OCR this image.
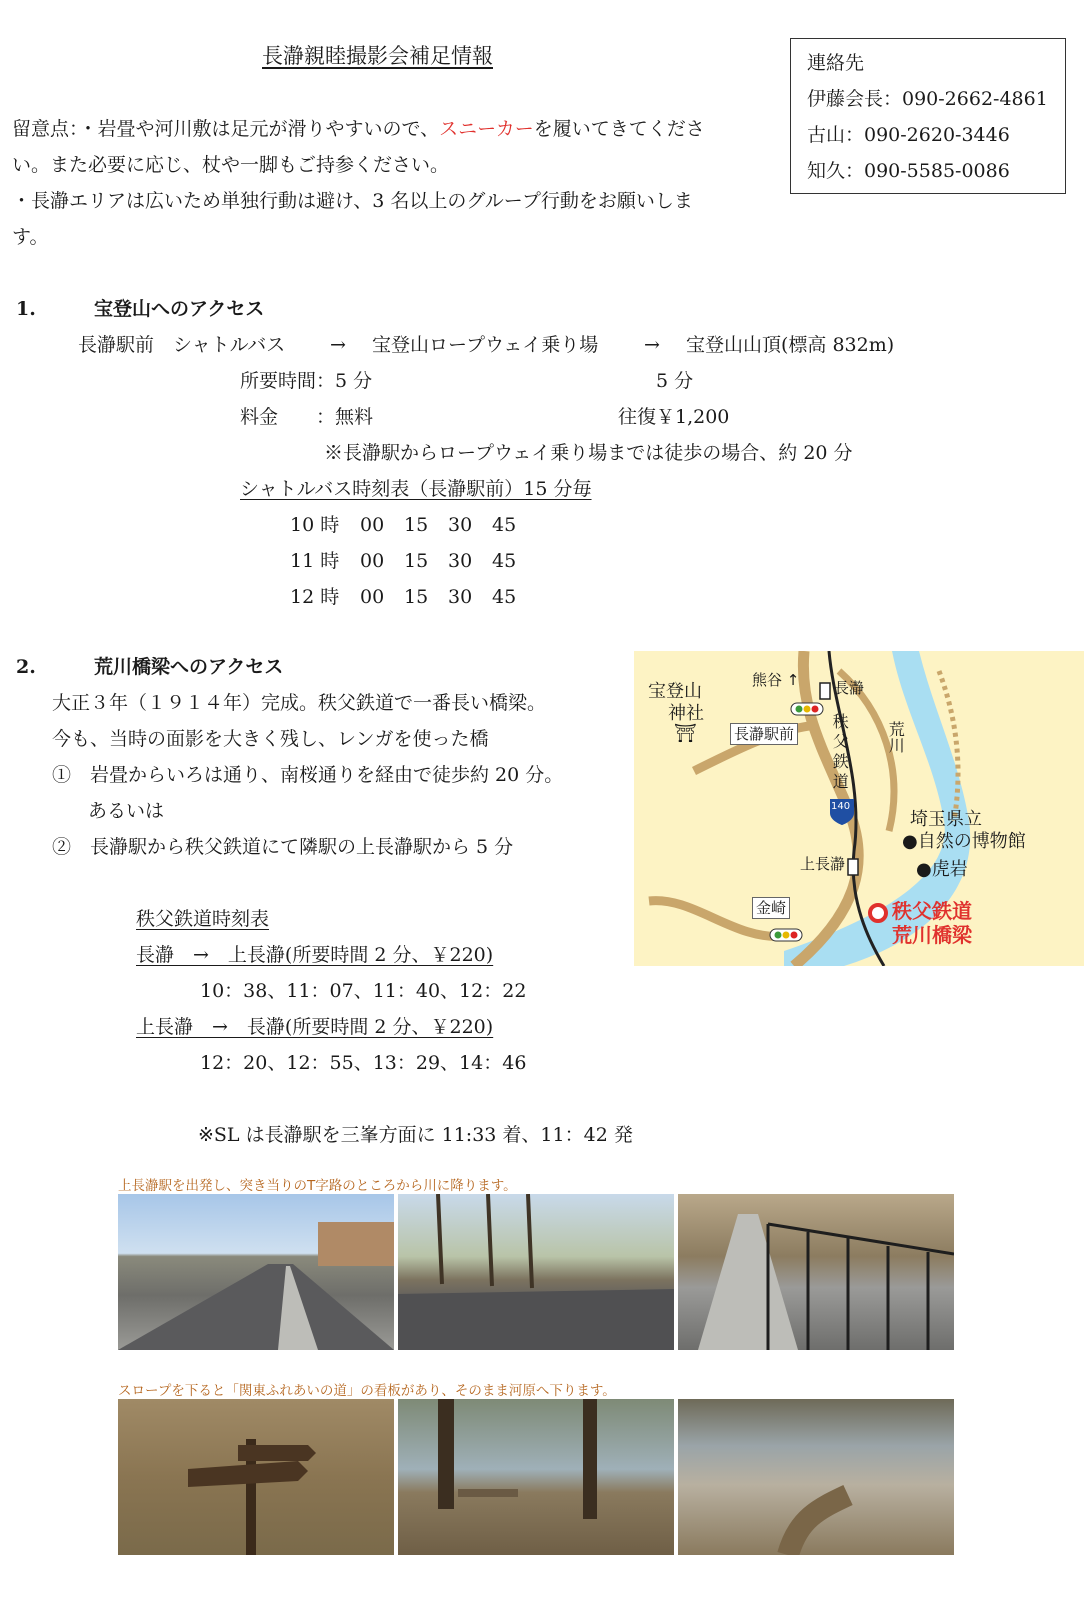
長瀞親睦撮影会補足情報	連絡先
伊藤会長：090-2662-4861
古山：090-2620-3446
知久：090-5585-0086
留意点：・岩畳や河川敷は足元が滑りやすいので、スニーカーを履いてきてくださ
い。また必要に応じ、杖や一脚もご持参ください。
・長瀞エリアは広いため単独行動は避け、3 名以上のグループ行動をお願いしま
す。
1.	宝登山へのアクセス
長瀞駅前　シャトルバス → 宝登山ロープウェイ乗り場 → 宝登山山頂(標高 832m)
所要時間：5 分	5 分
料金　　：無料	往復￥1,200
※長瀞駅からロープウェイ乗り場までは徒歩の場合、約 20 分
シャトルバス時刻表（長瀞駅前）15 分毎
10 時 00 15 30 45
11 時 00 15 30 45
12 時 00 15 30 45
2.	荒川橋梁へのアクセス
大正３年（１９１４年）完成。秩父鉄道で一番長い橋梁。
今も、当時の面影を大きく残し、レンガを使った橋
①　岩畳からいろは通り、南桜通りを経由で徒歩約 20 分。
あるいは
②　長瀞駅から秩父鉄道にて隣駅の上長瀞駅から 5 分
秩父鉄道時刻表
長瀞　→　上長瀞(所要時間 2 分、￥220)
10：38、11：07、11：40、12：22
上長瀞　→　長瀞(所要時間 2 分、￥220)
12：20、12：55、13：29、14：46
※SL は長瀞駅を三峯方面に 11:33 着、11：42 発
熊谷 ↑ 長瀞
宝登山
神社
⛩ 長瀞駅前 秩父鉄道 荒川
140
埼玉県立
●自然の博物館
上長瀞	●虎岩
金崎	秩父鉄道
荒川橋梁
上長瀞駅を出発し、突き当りのT字路のところから川に降ります。
スロープを下ると「関東ふれあいの道」の看板があり、そのまま河原へ下ります。
